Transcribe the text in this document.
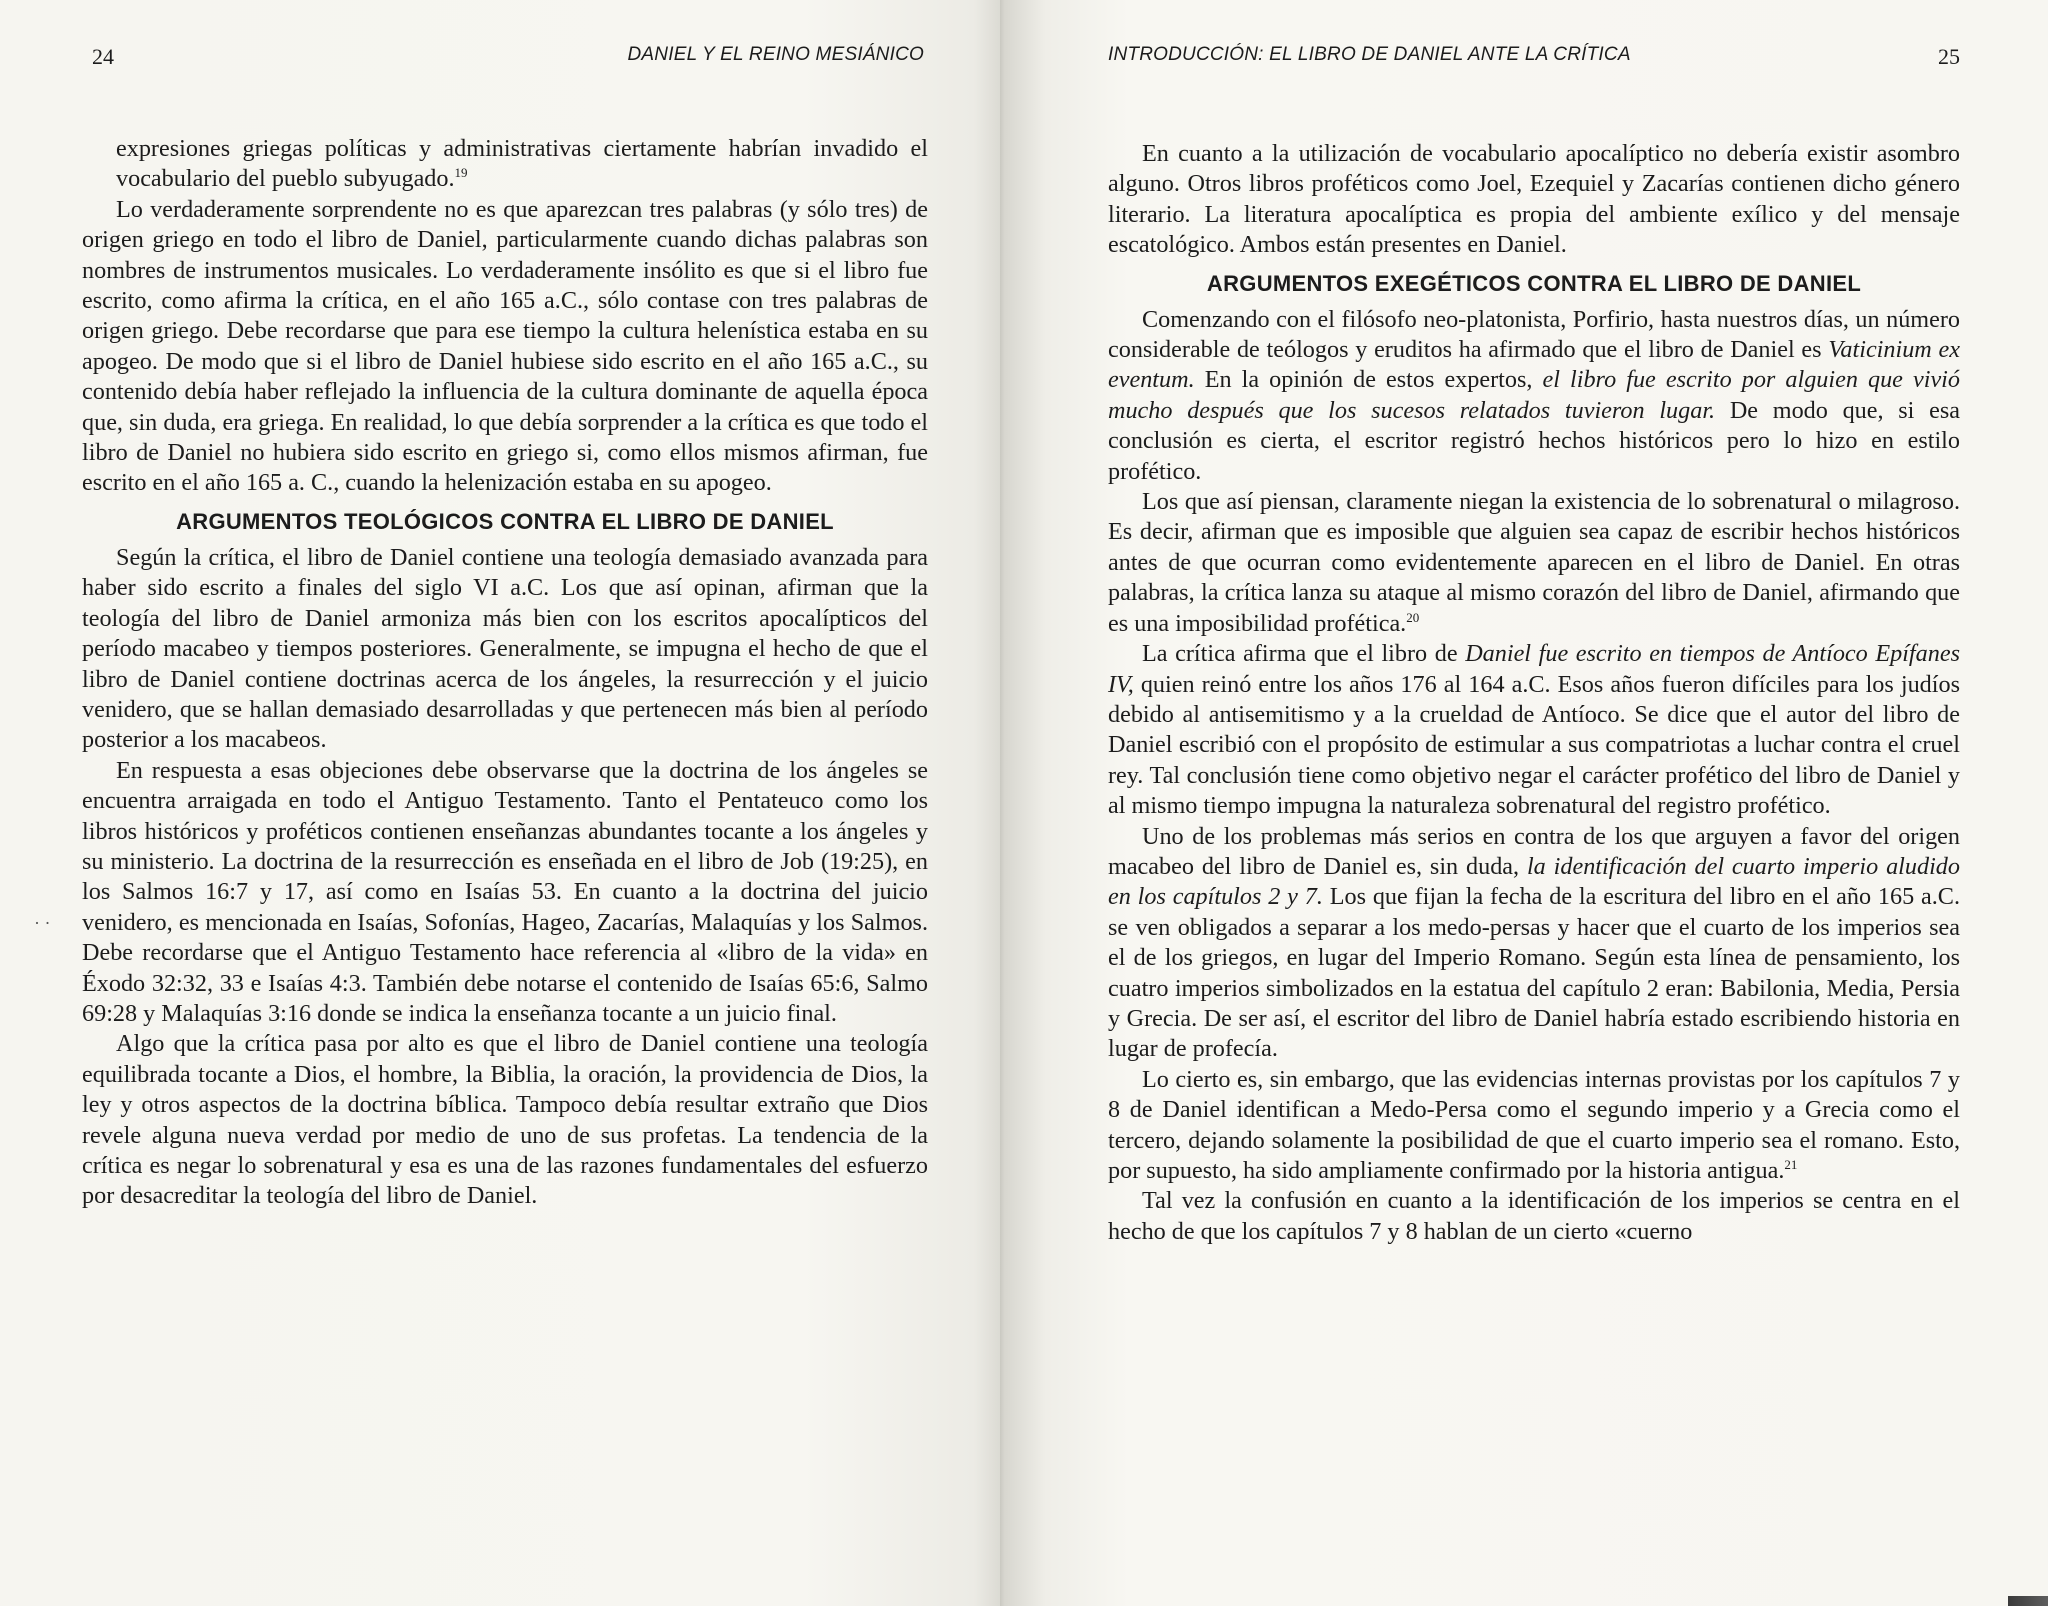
24	DANIEL Y EL REINO MESIÁNICO

expresiones griegas políticas y administrativas ciertamente habrían invadido el vocabulario del pueblo subyugado.$^{19}$

Lo verdaderamente sorprendente no es que aparezcan tres palabras (y sólo tres) de origen griego en todo el libro de Daniel, particularmente cuando dichas palabras son nombres de instrumentos musicales. Lo verdaderamente insólito es que si el libro fue escrito, como afirma la crítica, en el año 165 a.C., sólo contase con tres palabras de origen griego. Debe recordarse que para ese tiempo la cultura helenística estaba en su apogeo. De modo que si el libro de Daniel hubiese sido escrito en el año 165 a.C., su contenido debía haber reflejado la influencia de la cultura dominante de aquella época que, sin duda, era griega. En realidad, lo que debía sorprender a la crítica es que todo el libro de Daniel no hubiera sido escrito en griego si, como ellos mismos afirman, fue escrito en el año 165 a. C., cuando la helenización estaba en su apogeo.

ARGUMENTOS TEOLÓGICOS CONTRA EL LIBRO DE DANIEL

Según la crítica, el libro de Daniel contiene una teología demasiado avanzada para haber sido escrito a finales del siglo VI a.C. Los que así opinan, afirman que la teología del libro de Daniel armoniza más bien con los escritos apocalípticos del período macabeo y tiempos posteriores. Generalmente, se impugna el hecho de que el libro de Daniel contiene doctrinas acerca de los ángeles, la resurrección y el juicio venidero, que se hallan demasiado desarrolladas y que pertenecen más bien al período posterior a los macabeos.

En respuesta a esas objeciones debe observarse que la doctrina de los ángeles se encuentra arraigada en todo el Antiguo Testamento. Tanto el Pentateuco como los libros históricos y proféticos contienen enseñanzas abundantes tocante a los ángeles y su ministerio. La doctrina de la resurrección es enseñada en el libro de Job (19:25), en los Salmos 16:7 y 17, así como en Isaías 53. En cuanto a la doctrina del juicio venidero, es mencionada en Isaías, Sofonías, Hageo, Zacarías, Malaquías y los Salmos. Debe recordarse que el Antiguo Testamento hace referencia al «libro de la vida» en Éxodo 32:32, 33 e Isaías 4:3. También debe notarse el contenido de Isaías 65:6, Salmo 69:28 y Malaquías 3:16 donde se indica la enseñanza tocante a un juicio final.

Algo que la crítica pasa por alto es que el libro de Daniel contiene una teología equilibrada tocante a Dios, el hombre, la Biblia, la oración, la providencia de Dios, la ley y otros aspectos de la doctrina bíblica. Tampoco debía resultar extraño que Dios revele alguna nueva verdad por medio de uno de sus profetas. La tendencia de la crítica es negar lo sobrenatural y esa es una de las razones fundamentales del esfuerzo por desacreditar la teología del libro de Daniel.

· ·
INTRODUCCIÓN: EL LIBRO DE DANIEL ANTE LA CRÍTICA	25

En cuanto a la utilización de vocabulario apocalíptico no debería existir asombro alguno. Otros libros proféticos como Joel, Ezequiel y Zacarías contienen dicho género literario. La literatura apocalíptica es propia del ambiente exílico y del mensaje escatológico. Ambos están presentes en Daniel.

ARGUMENTOS EXEGÉTICOS CONTRA EL LIBRO DE DANIEL

Comenzando con el filósofo neo-platonista, Porfirio, hasta nuestros días, un número considerable de teólogos y eruditos ha afirmado que el libro de Daniel es Vaticinium ex eventum. En la opinión de estos expertos, el libro fue escrito por alguien que vivió mucho después que los sucesos relatados tuvieron lugar. De modo que, si esa conclusión es cierta, el escritor registró hechos históricos pero lo hizo en estilo profético.

Los que así piensan, claramente niegan la existencia de lo sobrenatural o milagroso. Es decir, afirman que es imposible que alguien sea capaz de escribir hechos históricos antes de que ocurran como evidentemente aparecen en el libro de Daniel. En otras palabras, la crítica lanza su ataque al mismo corazón del libro de Daniel, afirmando que es una imposibilidad profética.$^{20}$

La crítica afirma que el libro de Daniel fue escrito en tiempos de Antíoco Epífanes IV, quien reinó entre los años 176 al 164 a.C. Esos años fueron difíciles para los judíos debido al antisemitismo y a la crueldad de Antíoco. Se dice que el autor del libro de Daniel escribió con el propósito de estimular a sus compatriotas a luchar contra el cruel rey. Tal conclusión tiene como objetivo negar el carácter profético del libro de Daniel y al mismo tiempo impugna la naturaleza sobrenatural del registro profético.

Uno de los problemas más serios en contra de los que arguyen a favor del origen macabeo del libro de Daniel es, sin duda, la identificación del cuarto imperio aludido en los capítulos 2 y 7. Los que fijan la fecha de la escritura del libro en el año 165 a.C. se ven obligados a separar a los medo-persas y hacer que el cuarto de los imperios sea el de los griegos, en lugar del Imperio Romano. Según esta línea de pensamiento, los cuatro imperios simbolizados en la estatua del capítulo 2 eran: Babilonia, Media, Persia y Grecia. De ser así, el escritor del libro de Daniel habría estado escribiendo historia en lugar de profecía.

Lo cierto es, sin embargo, que las evidencias internas provistas por los capítulos 7 y 8 de Daniel identifican a Medo-Persa como el segundo imperio y a Grecia como el tercero, dejando solamente la posibilidad de que el cuarto imperio sea el romano. Esto, por supuesto, ha sido ampliamente confirmado por la historia antigua.$^{21}$

Tal vez la confusión en cuanto a la identificación de los imperios se centra en el hecho de que los capítulos 7 y 8 hablan de un cierto «cuerno
